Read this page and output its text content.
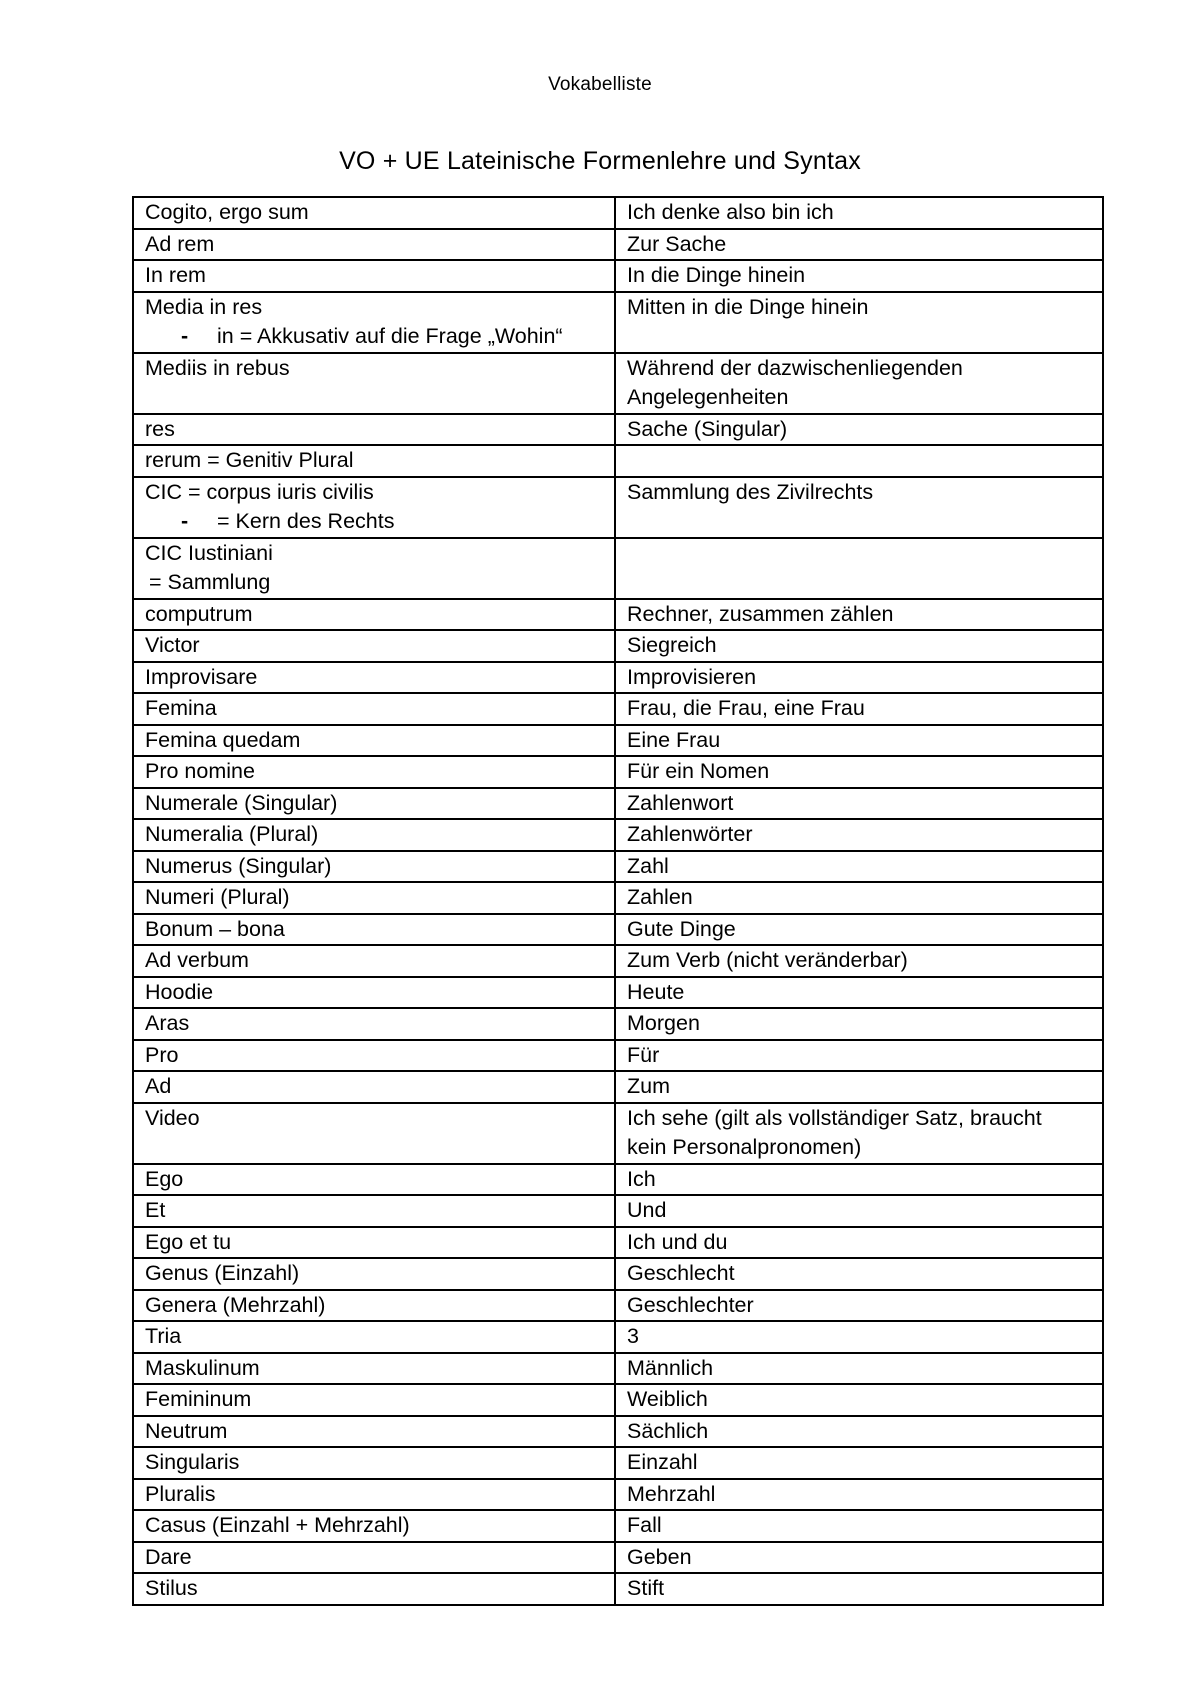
Vokabelliste
VO + UE Lateinische Formenlehre und Syntax
Cogito, ergo sum	Ich denke also bin ich

Ad rem	Zur Sache

In rem	In die Dinge hinein

Media in res
- in = Akkusativ auf die Frage „Wohin“	Mitten in die Dinge hinein

Mediis in rebus	Während der dazwischenliegenden
Angelegenheiten

res	Sache (Singular)

rerum = Genitiv Plural	

CIC = corpus iuris civilis
- = Kern des Rechts	Sammlung des Zivilrechts

CIC Iustiniani
= Sammlung	

computrum	Rechner, zusammen zählen

Victor	Siegreich

Improvisare	Improvisieren

Femina	Frau, die Frau, eine Frau

Femina quedam	Eine Frau

Pro nomine	Für ein Nomen

Numerale (Singular)	Zahlenwort

Numeralia (Plural)	Zahlenwörter

Numerus (Singular)	Zahl

Numeri (Plural)	Zahlen

Bonum – bona	Gute Dinge

Ad verbum	Zum Verb (nicht veränderbar)

Hoodie	Heute

Aras	Morgen

Pro	Für

Ad	Zum

Video	Ich sehe (gilt als vollständiger Satz, braucht
kein Personalpronomen)

Ego	Ich

Et	Und

Ego et tu	Ich und du

Genus (Einzahl)	Geschlecht

Genera (Mehrzahl)	Geschlechter

Tria	3

Maskulinum	Männlich

Femininum	Weiblich

Neutrum	Sächlich

Singularis	Einzahl

Pluralis	Mehrzahl

Casus (Einzahl + Mehrzahl)	Fall

Dare	Geben

Stilus	Stift
